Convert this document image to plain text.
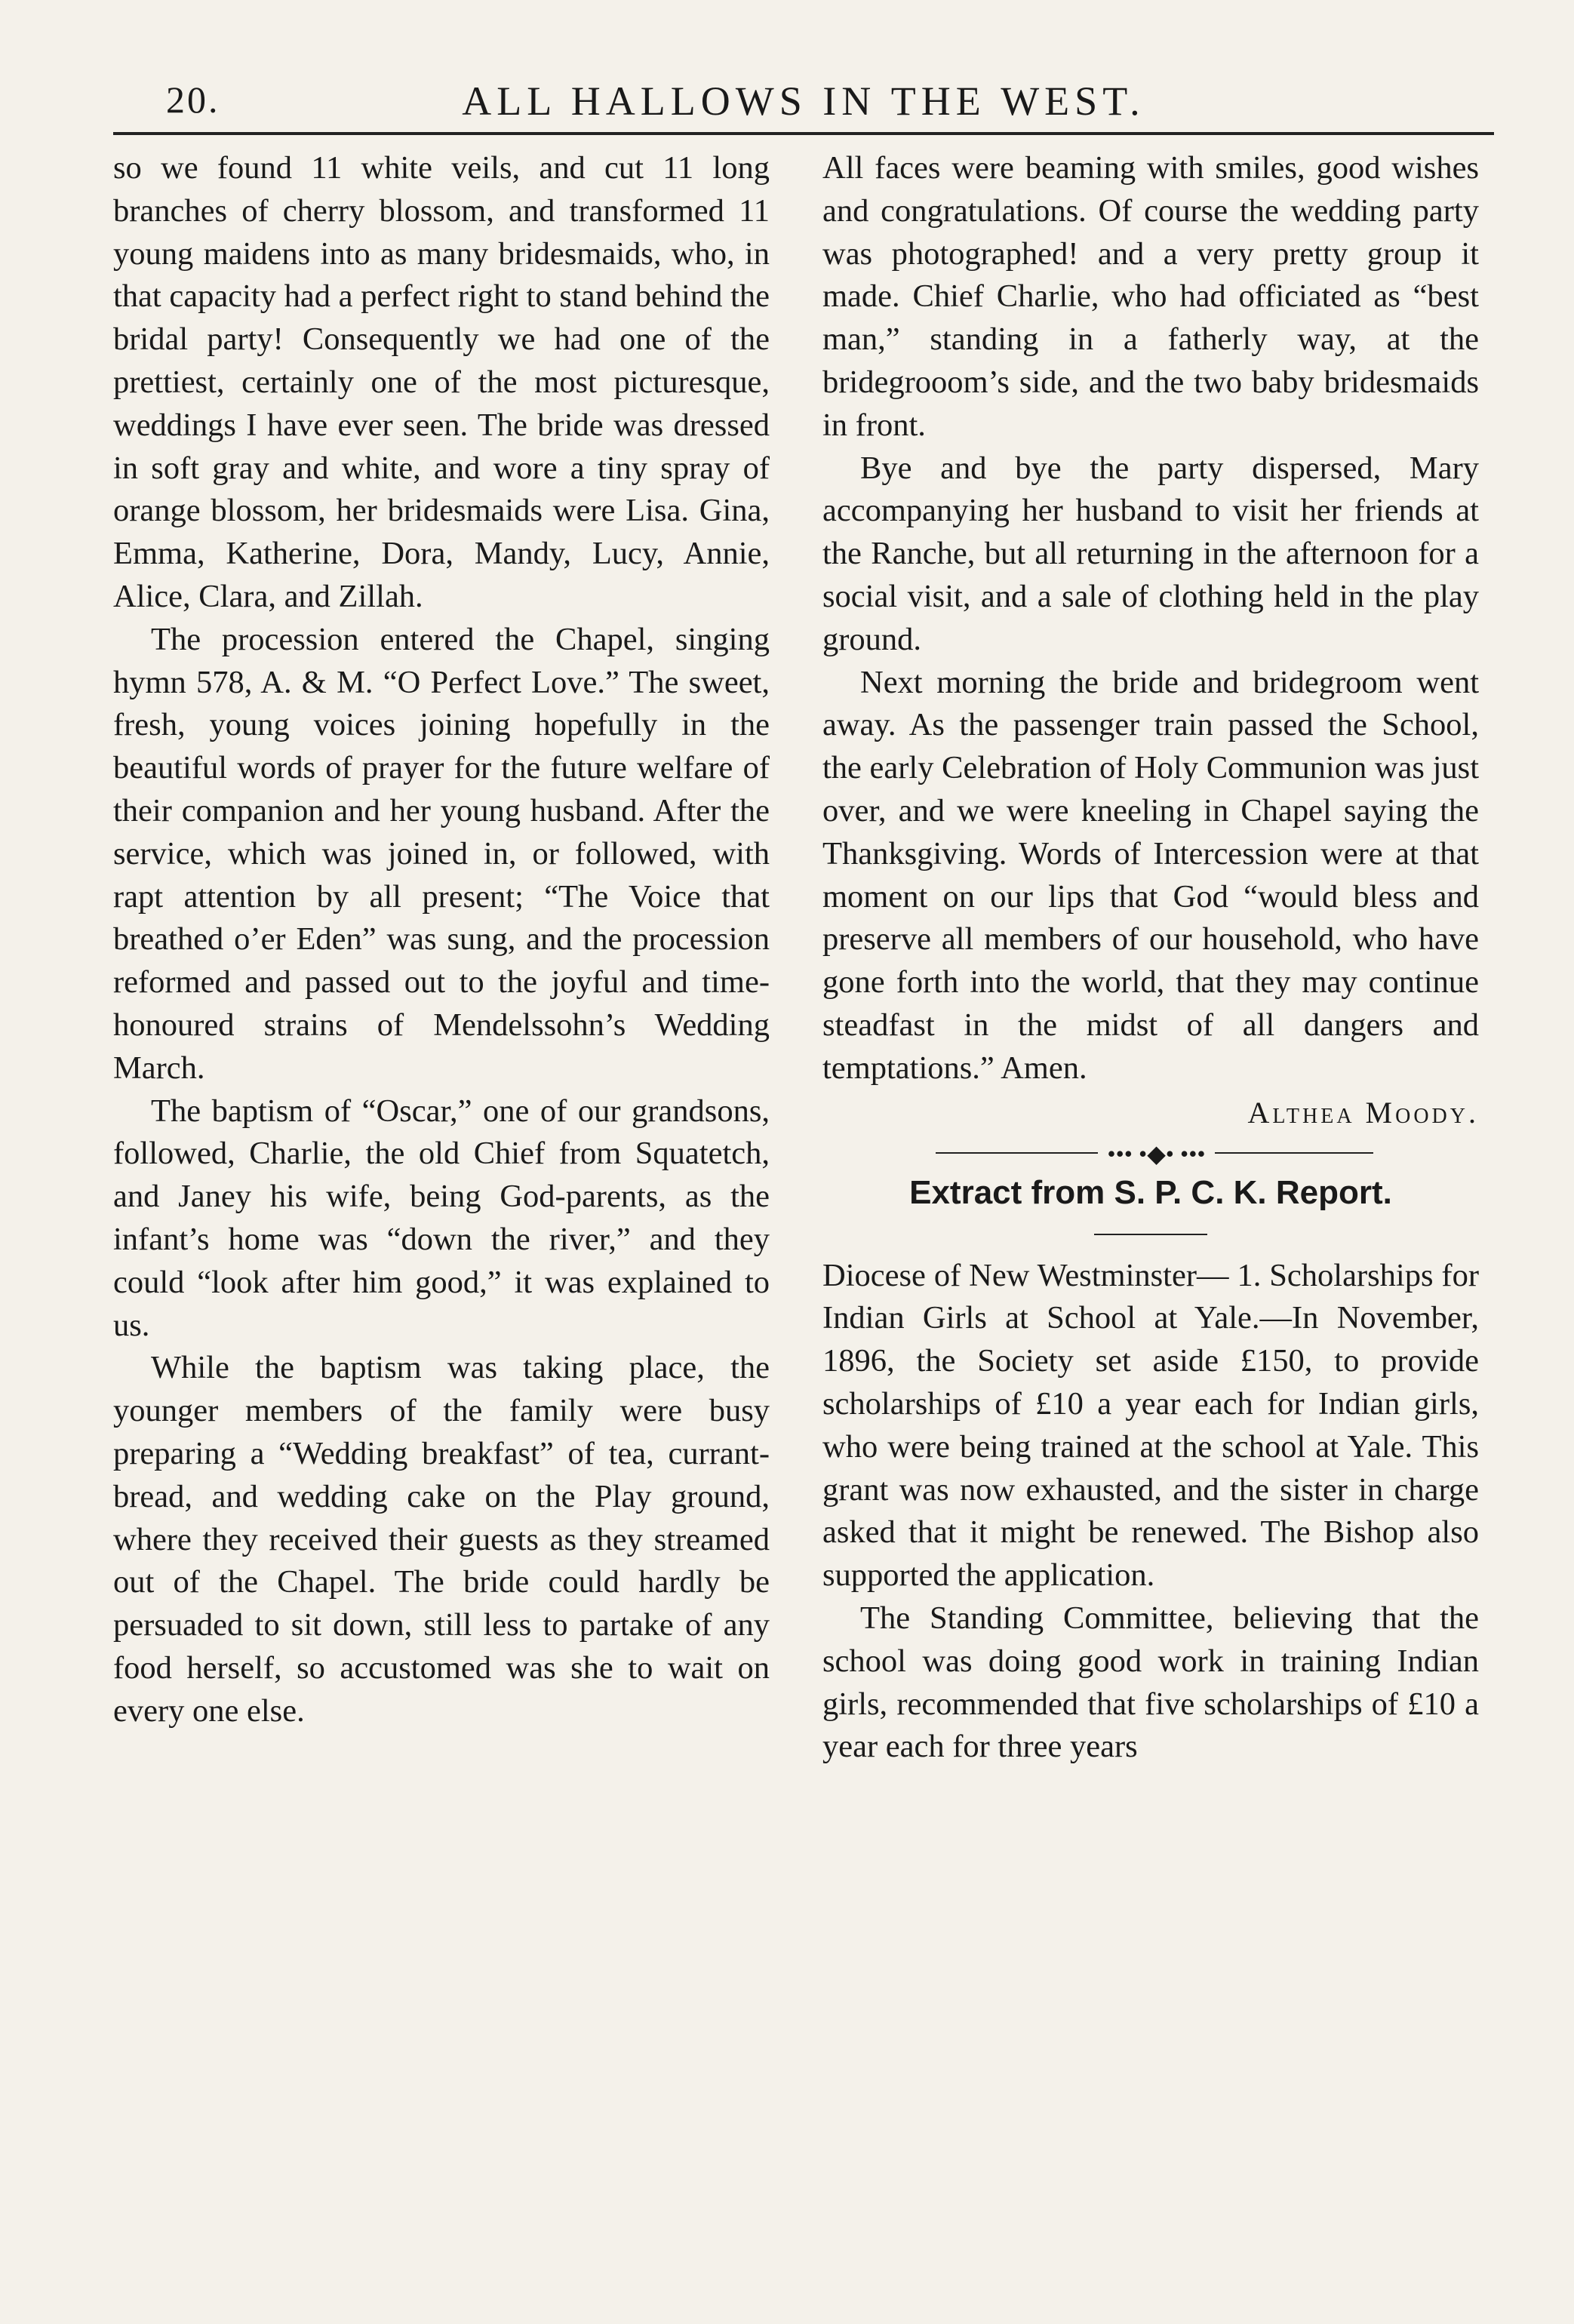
20.	ALL HALLOWS IN THE WEST.

so we found 11 white veils, and cut 11 long branches of cherry blossom, and transformed 11 young maidens into as many bridesmaids, who, in that capacity had a perfect right to stand behind the bridal party! Consequently we had one of the prettiest, certainly one of the most picturesque, weddings I have ever seen. The bride was dressed in soft gray and white, and wore a tiny spray of orange blossom, her bridesmaids were Lisa. Gina, Emma, Katherine, Dora, Mandy, Lucy, Annie, Alice, Clara, and Zillah.

The procession entered the Chapel, singing hymn 578, A. & M. “O Perfect Love.” The sweet, fresh, young voices joining hopefully in the beautiful words of prayer for the future welfare of their companion and her young husband. After the service, which was joined in, or followed, with rapt attention by all present; “The Voice that breathed o’er Eden” was sung, and the procession reformed and passed out to the joyful and time-honoured strains of Mendelssohn’s Wedding March.

The baptism of “Oscar,” one of our grandsons, followed, Charlie, the old Chief from Squatetch, and Janey his wife, being God-parents, as the infant’s home was “down the river,” and they could “look after him good,” it was explained to us.

While the baptism was taking place, the younger members of the family were busy preparing a “Wedding breakfast” of tea, currant-bread, and wedding cake on the Play ground, where they received their guests as they streamed out of the Chapel. The bride could hardly be persuaded to sit down, still less to partake of any food herself, so accustomed was she to wait on every one else.

All faces were beaming with smiles, good wishes and congratulations. Of course the wedding party was photographed! and a very pretty group it made. Chief Charlie, who had officiated as “best man,” standing in a fatherly way, at the bridegrooom’s side, and the two baby bridesmaids in front.

Bye and bye the party dispersed, Mary accompanying her husband to visit her friends at the Ranche, but all returning in the afternoon for a social visit, and a sale of clothing held in the play ground.

Next morning the bride and bridegroom went away. As the passenger train passed the School, the early Celebration of Holy Communion was just over, and we were kneeling in Chapel saying the Thanksgiving. Words of Intercession were at that moment on our lips that God “would bless and preserve all members of our household, who have gone forth into the world, that they may continue steadfast in the midst of all dangers and temptations.” Amen.

Althea Moody.

••• •◆• •••
Extract from S. P. C. K. Report.

Diocese of New Westminster— 1. Scholarships for Indian Girls at School at Yale.—In November, 1896, the Society set aside £150, to provide scholarships of £10 a year each for Indian girls, who were being trained at the school at Yale. This grant was now exhausted, and the sister in charge asked that it might be renewed. The Bishop also supported the application.

The Standing Committee, believing that the school was doing good work in training Indian girls, recommended that five scholarships of £10 a year each for three years
